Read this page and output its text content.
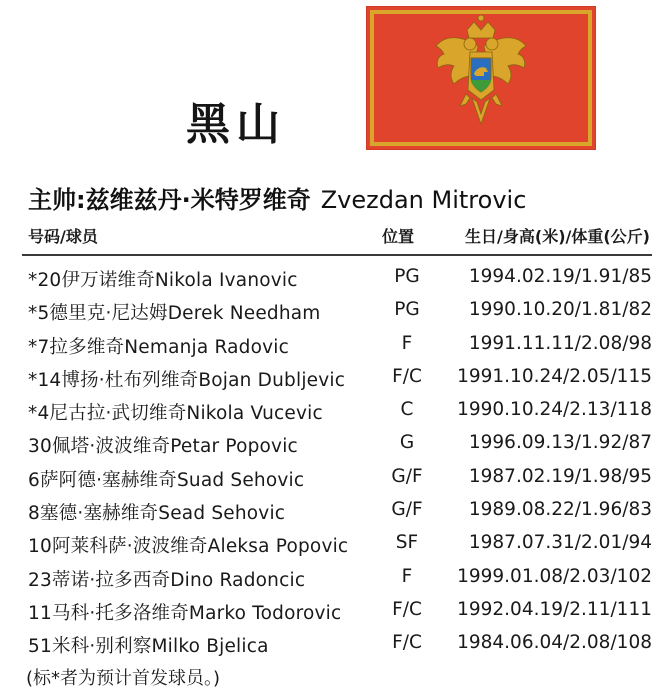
黑山
主帅:兹维兹丹·米特罗维奇 Zvezdan Mitrovic
号码/球员	位置	生日/身高(米)/体重(公斤)
*20伊万诺维奇Nikola Ivanovic	PG	1994.02.19/1.91/85
*5德里克·尼达姆Derek Needham	PG	1990.10.20/1.81/82
*7拉多维奇Nemanja Radovic	F	1991.11.11/2.08/98
*14博扬·杜布列维奇Bojan Dubljevic	F/C	1991.10.24/2.05/115
*4尼古拉·武切维奇Nikola Vucevic	C	1990.10.24/2.13/118
30佩塔·波波维奇Petar Popovic	G	1996.09.13/1.92/87
6萨阿德·塞赫维奇Suad Sehovic	G/F	1987.02.19/1.98/95
8塞德·塞赫维奇Sead Sehovic	G/F	1989.08.22/1.96/83
10阿莱科萨·波波维奇Aleksa Popovic	SF	1987.07.31/2.01/94
23蒂诺·拉多西奇Dino Radoncic	F	1999.01.08/2.03/102
11马科·托多洛维奇Marko Todorovic	F/C	1992.04.19/2.11/111
51米科·别利察Milko Bjelica	F/C	1984.06.04/2.08/108
(标*者为预计首发球员。)
